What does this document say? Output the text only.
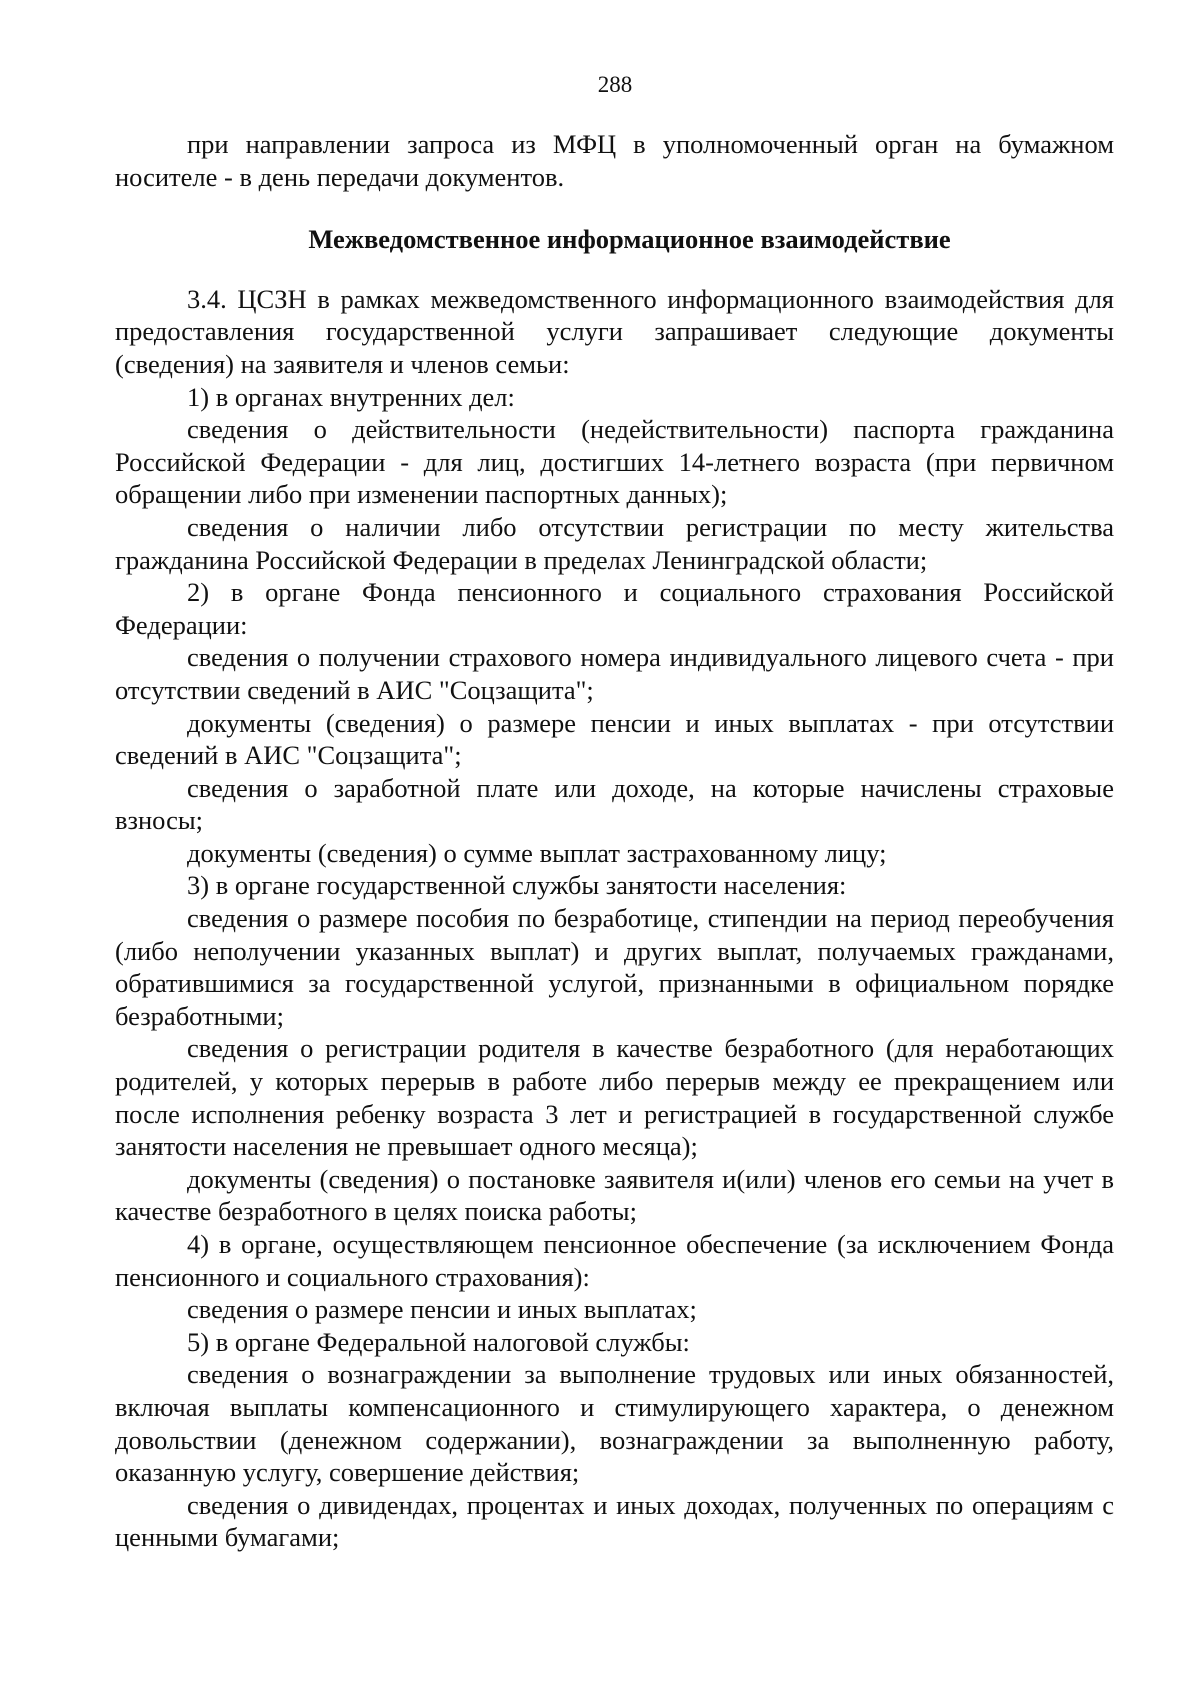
288

при направлении запроса из МФЦ в уполномоченный орган на бумажном носителе - в день передачи документов.

Межведомственное информационное взаимодействие

3.4. ЦСЗН в рамках межведомственного информационного взаимодействия для предоставления государственной услуги запрашивает следующие документы (сведения) на заявителя и членов семьи:

1) в органах внутренних дел:

сведения о действительности (недействительности) паспорта гражданина Российской Федерации - для лиц, достигших 14-летнего возраста (при первичном обращении либо при изменении паспортных данных);

сведения о наличии либо отсутствии регистрации по месту жительства гражданина Российской Федерации в пределах Ленинградской области;

2) в органе Фонда пенсионного и социального страхования Российской Федерации:

сведения о получении страхового номера индивидуального лицевого счета - при отсутствии сведений в АИС "Соцзащита";

документы (сведения) о размере пенсии и иных выплатах - при отсутствии сведений в АИС "Соцзащита";

сведения о заработной плате или доходе, на которые начислены страховые взносы;

документы (сведения) о сумме выплат застрахованному лицу;

3) в органе государственной службы занятости населения:

сведения о размере пособия по безработице, стипендии на период переобучения (либо неполучении указанных выплат) и других выплат, получаемых гражданами, обратившимися за государственной услугой, признанными в официальном порядке безработными;

сведения о регистрации родителя в качестве безработного (для неработающих родителей, у которых перерыв в работе либо перерыв между ее прекращением или после исполнения ребенку возраста 3 лет и регистрацией в государственной службе занятости населения не превышает одного месяца);

документы (сведения) о постановке заявителя и(или) членов его семьи на учет в качестве безработного в целях поиска работы;

4) в органе, осуществляющем пенсионное обеспечение (за исключением Фонда пенсионного и социального страхования):

сведения о размере пенсии и иных выплатах;

5) в органе Федеральной налоговой службы:

сведения о вознаграждении за выполнение трудовых или иных обязанностей, включая выплаты компенсационного и стимулирующего характера, о денежном довольствии (денежном содержании), вознаграждении за выполненную работу, оказанную услугу, совершение действия;

сведения о дивидендах, процентах и иных доходах, полученных по операциям с ценными бумагами;
